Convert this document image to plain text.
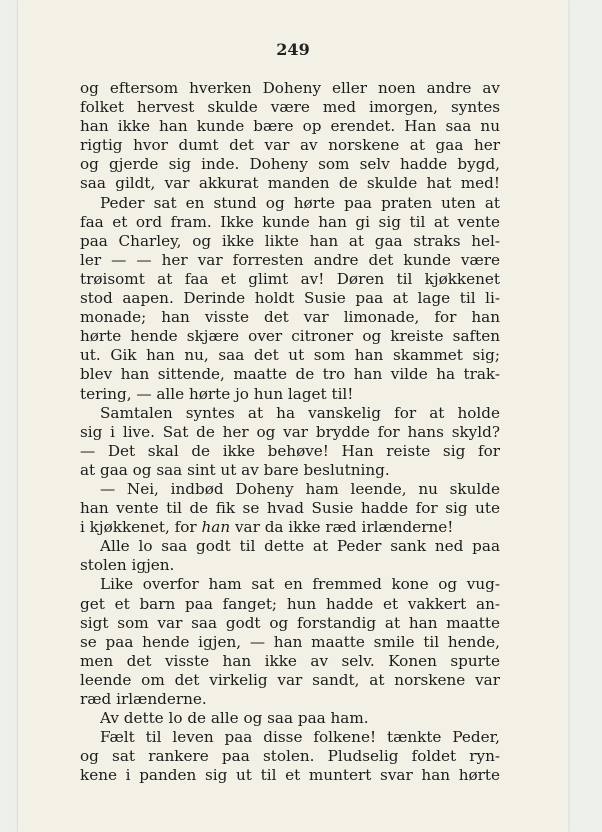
249
og eftersom hverken Doheny eller noen andre av
folket hervest skulde være med imorgen, syntes
han ikke han kunde bære op erendet. Han saa nu
rigtig hvor dumt det var av norskene at gaa her
og gjerde sig inde. Doheny som selv hadde bygd,
saa gildt, var akkurat manden de skulde hat med!
Peder sat en stund og hørte paa praten uten at
faa et ord fram. Ikke kunde han gi sig til at vente
paa Charley, og ikke likte han at gaa straks hel-
ler — — her var forresten andre det kunde være
trøisomt at faa et glimt av! Døren til kjøkkenet
stod aapen. Derinde holdt Susie paa at lage til li-
monade; han visste det var limonade, for han
hørte hende skjære over citroner og kreiste saften
ut. Gik han nu, saa det ut som han skammet sig;
blev han sittende, maatte de tro han vilde ha trak-
tering, — alle hørte jo hun laget til!
Samtalen syntes at ha vanskelig for at holde
sig i live. Sat de her og var brydde for hans skyld?
— Det skal de ikke behøve! Han reiste sig for
at gaa og saa sint ut av bare beslutning.
— Nei, indbød Doheny ham leende, nu skulde
han vente til de fik se hvad Susie hadde for sig ute
i kjøkkenet, for han var da ikke ræd irlænderne!
Alle lo saa godt til dette at Peder sank ned paa
stolen igjen.
Like overfor ham sat en fremmed kone og vug-
get et barn paa fanget; hun hadde et vakkert an-
sigt som var saa godt og forstandig at han maatte
se paa hende igjen, — han maatte smile til hende,
men det visste han ikke av selv. Konen spurte
leende om det virkelig var sandt, at norskene var
ræd irlænderne.
Av dette lo de alle og saa paa ham.
Fælt til leven paa disse folkene! tænkte Peder,
og sat rankere paa stolen. Pludselig foldet ryn-
kene i panden sig ut til et muntert svar han hørte
